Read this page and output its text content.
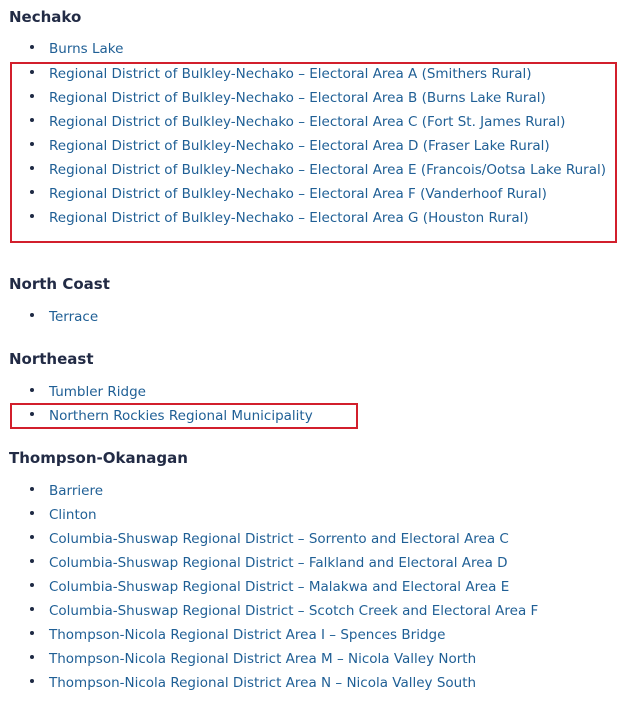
Nechako
Burns Lake
Regional District of Bulkley-Nechako – Electoral Area A (Smithers Rural)
Regional District of Bulkley-Nechako – Electoral Area B (Burns Lake Rural)
Regional District of Bulkley-Nechako – Electoral Area C (Fort St. James Rural)
Regional District of Bulkley-Nechako – Electoral Area D (Fraser Lake Rural)
Regional District of Bulkley-Nechako – Electoral Area E (Francois/Ootsa Lake Rural)
Regional District of Bulkley-Nechako – Electoral Area F (Vanderhoof Rural)
Regional District of Bulkley-Nechako – Electoral Area G (Houston Rural)
North Coast
Terrace
Northeast
Tumbler Ridge
Northern Rockies Regional Municipality
Thompson-Okanagan
Barriere
Clinton
Columbia-Shuswap Regional District – Sorrento and Electoral Area C
Columbia-Shuswap Regional District – Falkland and Electoral Area D
Columbia-Shuswap Regional District – Malakwa and Electoral Area E
Columbia-Shuswap Regional District – Scotch Creek and Electoral Area F
Thompson-Nicola Regional District Area I – Spences Bridge
Thompson-Nicola Regional District Area M – Nicola Valley North
Thompson-Nicola Regional District Area N – Nicola Valley South
